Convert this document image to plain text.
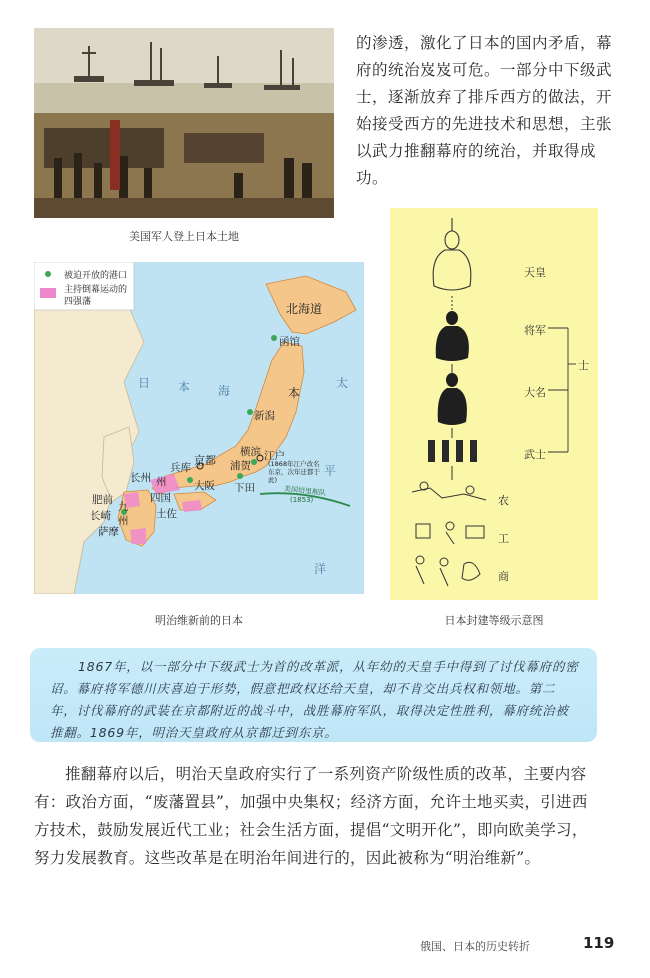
美国军人登上日本土地
的渗透，激化了日本的国内矛盾，幕府的统治岌岌可危。一部分中下级武士，逐渐放弃了排斥西方的做法，开始接受西方的先进技术和思想，主张以武力推翻幕府的统治，并取得成功。
被迫开放的港口
主持倒幕运动的四强藩	北海道
函馆
本
新潟
横滨 江户
浦贺	(1868年江户改名东京，次年迁都于此)
下田
京都
兵库
大阪
长州 州
四国
土佐
肥前
长崎
九州
萨摩
美国培里舰队
(1853)
日 本 海
太
平
洋
明治维新前的日本
天皇
将军
大名
武士
农
工
商
士
日本封建等级示意图
1867年，以一部分中下级武士为首的改革派，从年幼的天皇手中得到了讨伐幕府的密诏。幕府将军德川庆喜迫于形势，假意把政权还给天皇，却不肯交出兵权和领地。第二年，讨伐幕府的武装在京都附近的战斗中，战胜幕府军队，取得决定性胜利，幕府统治被推翻。1869年，明治天皇政府从京都迁到东京。
推翻幕府以后，明治天皇政府实行了一系列资产阶级性质的改革，主要内容有：政治方面，“废藩置县”，加强中央集权；经济方面，允许土地买卖，引进西方技术，鼓励发展近代工业；社会生活方面，提倡“文明开化”，即向欧美学习，努力发展教育。这些改革是在明治年间进行的，因此被称为“明治维新”。
俄国、日本的历史转折	119
